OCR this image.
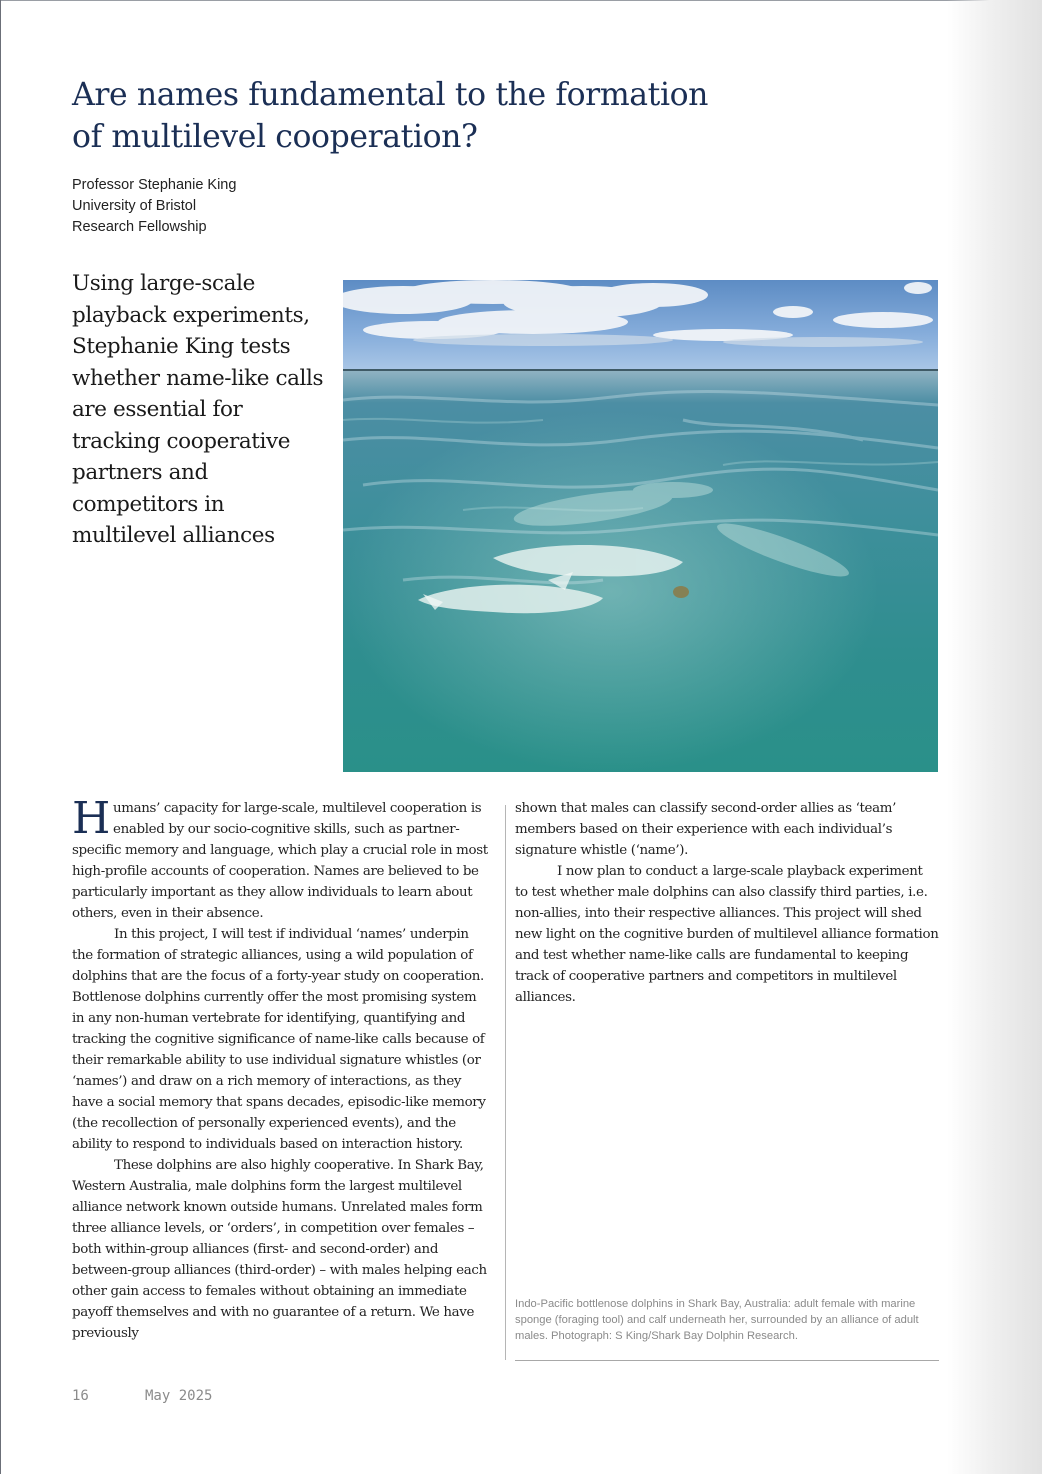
Are names fundamental to the formation of multilevel cooperation?
Professor Stephanie King
University of Bristol
Research Fellowship
Using large-scale playback experiments, Stephanie King tests whether name-like calls are essential for tracking cooperative partners and competitors in multilevel alliances

Humans’ capacity for large-scale, multilevel cooperation is enabled by our socio-cognitive skills, such as partner-specific memory and language, which play a crucial role in most high-profile accounts of cooperation. Names are believed to be particularly important as they allow individuals to learn about others, even in their absence.

In this project, I will test if individual ‘names’ underpin the formation of strategic alliances, using a wild population of dolphins that are the focus of a forty-year study on cooperation. Bottlenose dolphins currently offer the most promising system in any non-human vertebrate for identifying, quantifying and tracking the cognitive significance of name-like calls because of their remarkable ability to use individual signature whistles (or ‘names’) and draw on a rich memory of interactions, as they have a social memory that spans decades, episodic-like memory (the recollection of personally experienced events), and the ability to respond to individuals based on interaction history.

These dolphins are also highly cooperative. In Shark Bay, Western Australia, male dolphins form the largest multilevel alliance network known outside humans. Unrelated males form three alliance levels, or ‘orders’, in competition over females – both within-group alliances (first- and second-order) and between-group alliances (third-order) – with males helping each other gain access to females without obtaining an immediate payoff themselves and with no guarantee of a return. We have previously

shown that males can classify second-order allies as ‘team’ members based on their experience with each individual’s signature whistle (‘name’).

I now plan to conduct a large-scale playback experiment to test whether male dolphins can also classify third parties, i.e. non-allies, into their respective alliances. This project will shed new light on the cognitive burden of multilevel alliance formation and test whether name-like calls are fundamental to keeping track of cooperative partners and competitors in multilevel alliances.

Indo-Pacific bottlenose dolphins in Shark Bay, Australia: adult female with marine sponge (foraging tool) and calf underneath her, surrounded by an alliance of adult males. Photograph: S King/Shark Bay Dolphin Research.
16	May 2025
